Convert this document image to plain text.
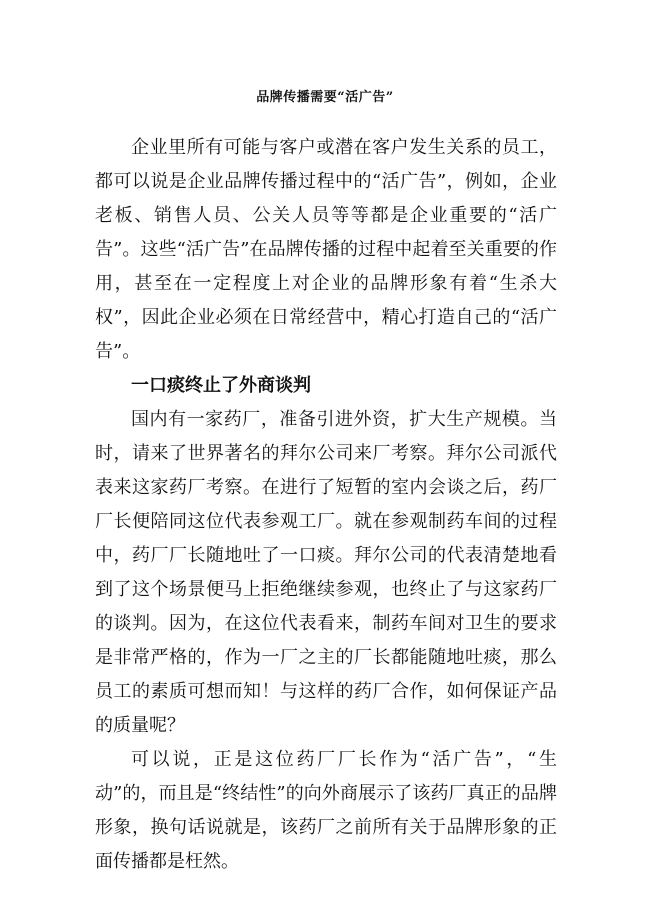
品牌传播需要“活广告”

企业里所有可能与客户或潜在客户发生关系的员工，都可以说是企业品牌传播过程中的“活广告”，例如，企业老板、销售人员、公关人员等等都是企业重要的“活广告”。这些“活广告”在品牌传播的过程中起着至关重要的作用，甚至在一定程度上对企业的品牌形象有着“生杀大权”，因此企业必须在日常经营中，精心打造自己的“活广告”。

一口痰终止了外商谈判

国内有一家药厂，准备引进外资，扩大生产规模。当时，请来了世界著名的拜尔公司来厂考察。拜尔公司派代表来这家药厂考察。在进行了短暂的室内会谈之后，药厂厂长便陪同这位代表参观工厂。就在参观制药车间的过程中，药厂厂长随地吐了一口痰。拜尔公司的代表清楚地看到了这个场景便马上拒绝继续参观，也终止了与这家药厂的谈判。因为，在这位代表看来，制药车间对卫生的要求是非常严格的，作为一厂之主的厂长都能随地吐痰，那么员工的素质可想而知！与这样的药厂合作，如何保证产品的质量呢？

可以说，正是这位药厂厂长作为“活广告”，“生动”的，而且是“终结性”的向外商展示了该药厂真正的品牌形象，换句话说就是，该药厂之前所有关于品牌形象的正面传播都是枉然。
